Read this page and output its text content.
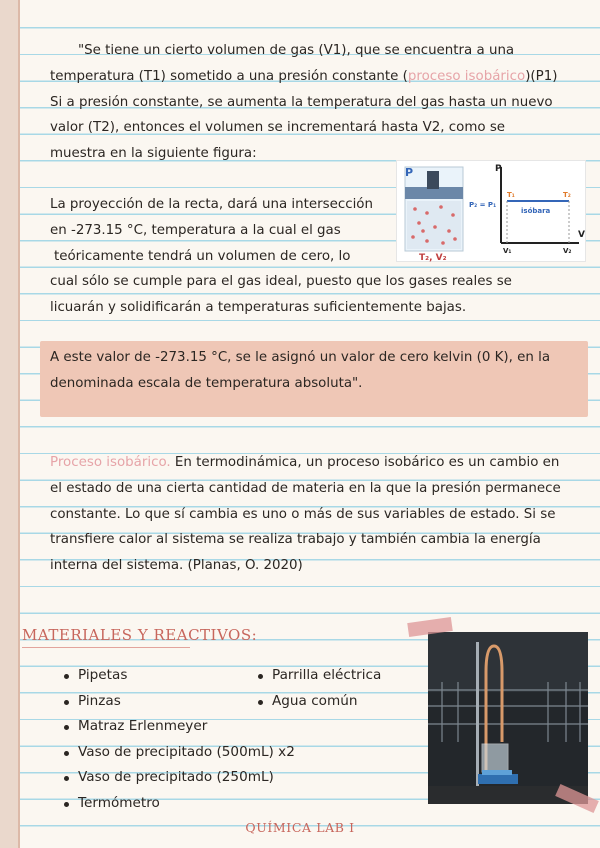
"Se tiene un cierto volumen de gas (V1), que se encuentra a una
temperatura (T1) sometido a una presión constante (proceso isobárico)(P1)
Si a presión constante, se aumenta la temperatura del gas hasta un nuevo
valor (T2), entonces el volumen se incrementará hasta V2, como se
muestra en la siguiente figura:
P
T₂, V₂
P
V
P₂ = P₁
T₁	T₂
isóbara
V₁	V₂
La proyección de la recta, dará una intersección
en -273.15 °C, temperatura a la cual el gas
teóricamente tendrá un volumen de cero, lo
cual sólo se cumple para el gas ideal, puesto que los gases reales se
licuarán y solidificarán a temperaturas suficientemente bajas.
A este valor de -273.15 °C, se le asignó un valor de cero kelvin (0 K), en la
denominada escala de temperatura absoluta".
Proceso isobárico. En termodinámica, un proceso isobárico es un cambio en
el estado de una cierta cantidad de materia en la que la presión permanece
constante. Lo que sí cambia es uno o más de sus variables de estado. Si se
transfiere calor al sistema se realiza trabajo y también cambia la energía
interna del sistema. (Planas, O. 2020)
MATERIALES Y REACTIVOS:
Pipetas
Pinzas
Matraz Erlenmeyer
Vaso de precipitado (500mL) x2
Vaso de precipitado (250mL)
Termómetro
Parrilla eléctrica
Agua común
QUÍMICA LAB I
